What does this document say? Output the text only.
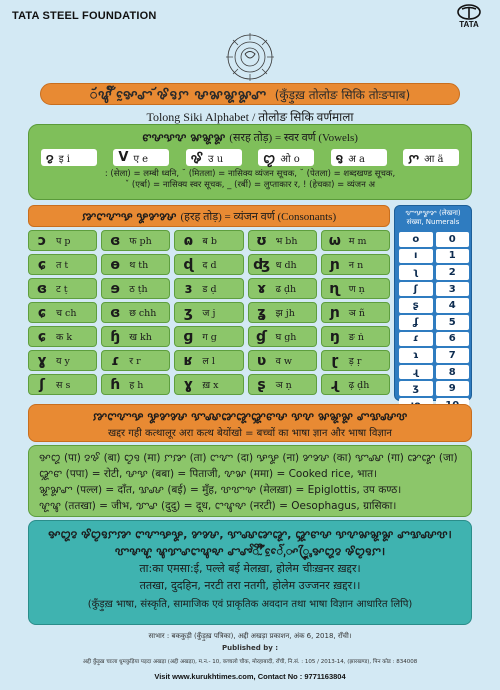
TATA STEEL FOUNDATION
TATA
ꨮꨥꨪꨱ ꨮꨀꨰꨧ ꨮꨃꨅꨆ ꨔꨗꨘꨙꨚ (कुँड़ुख़ तोलोङ सिकि तोःङपाब)
Tolong Siki Alphabet / तोलोङ सिकि वर्णमाला
ꨓꨔꨕꨖ ꨗꨘꨙ (सरह तोड़) = स्वर वर्ण (Vowels)
ꨂ इ i	V ए e	ꨃ उ u	ꨄ ओ o	ꨅ अ a	ꨆ आ ä
: (सेला) = लम्बी ध्वनि, ˘ (मितला) = नासिक्य व्यंजन सूचक, ˘ (पेतला) = शब्दखण्ड सूचक,
ˇ (एर्बा) = नासिक्य स्वर सूचक, _ (रर्बी) = लुप्ताकार र, ! (हेचका) = व्यंजन अ
ꨇꨈꨉꨊ ꨋꨌꨍ (हरह तोड़) = व्यंजन वर्ण (Consonants)
ɔ	प p	ɞ फ ph	ɷ ब b	ʊ भ bh ω म m
ɕ	त t	ɵ थ th	ɖ द d	ʤ ध dh ɲ न n
ɞ ट ṭ	ɘ ठ ṭh	ɜ	ड ḍ	ɤ	ढ ḍh ɳ ण ṇ
ɕ	च ch ɞ छ chh	ʒ	ज j	ʓ	झ jh ɲ ञ ñ
ɕ	क k	ɧ ख kh ɡ ग g	ɠ घ gh ŋ ङ ṅ
ɣ	य y	ɾ	र r	ʁ	ल l	ʋ व w	ɽ	ड़ ṛ
ʃ	स s	ɦ ह h	ɣ	ख़ x	ʂ	ञ ṇ	ɻ ढ़ ḍh
ꨉꨊꨋꨌ (लेखना)
संख्या, Numerals
o	0
ı	1
ʅ	2
ʃ	3
ʂ	4
ʆ	5
ɾ	6
ɿ	7
ɻ	8
ʒ	9
ꨇꨈꨉꨊ ꨋꨌꨍ ꨎꨏꨐꨑꨒꨓꨔ ꨕꨖ ꨗꨘꨙ ꨚꨛꨜꨝ
खद्दर गही कत्थालूर अरा कत्थ बेयोंखो = बच्चों का भाषा ज्ञान और भाषा विज्ञान
ꨀꨁ (पा) ꨂꨃ (बा) ꨄꨅ (मा) ꨆꨇ (ता) ꨈꨉ (दा) ꨊꨋ (ना) ꨌꨍ (का) ꨎꨏ (गा) ꨐꨑ (जा)
ꨒꨓ (पपा) = रोटी, ꨔꨕ (बबा) = पिताजी, ꨖꨗ (ममा) = Cooked rice, भात।
ꨘꨙꨚ (पल्ल) = दाँत, ꨛꨜ (बई) = मुँह, ꨝꨞꨟ (मेलख़ा) = Epiglottis, उप कण्ठ।
ꨠꨡ (ततखा) = जीभ, ꨢꨣ (दुदु) = दूध, ꨤꨥꨦ (नरटी) = Oesophagus, ग्रासिका।
ꨀꨁꨂ ꨃꨄꨅꨆꨇ ꨈꨉꨊꨋ, ꨌꨍ, ꨎꨏꨐꨑ, ꨒꨓꨔ ꨕꨖꨗꨘꨙ ꨚꨛꨜꨝ।
ꨞꨟꨠ ꨡꨢꨣꨤꨥꨦ ꨧꨨꨩꨪ ꨫꨬꨭ ꨮꨯꨰꨱ ꨲꨳꨴꨵ ꨶꨀꨁꨂ ꨃꨄꨅꨆ।
ता:का एमसा:ई, पल्ले बई मेलख़ा, होलेम चीःख़नर ख़द्दर।
ततखा, दुदहिन, नरटी तरा नतगी, होलेम उज्जनर ख़द्दर।।
(कुँड़ुख़ भाषा, संस्कृति, सामाजिक एवं प्राकृतिक अवदान तथा भाषा विज्ञान आधारित लिपि)
साभार : बककुड़ी (कुँड़ुख़ पत्रिका), अद्दी अखड़ा प्रकाशन, अंक 6, 2018, राँची।
Published by :
अद्दी कुँड़ुख़ चाःला धुमकुड़िया पड़दा अखड़ा (अद्दी अखड़ा), म.न.- 10, कच्चलो चौक, मोरहाबादी, राँची, नि.सं. : 105 / 2013-14, (झारखण्ड), पिन कोड : 834008
Visit www.kurukhtimes.com, Contact No : 9771163804
